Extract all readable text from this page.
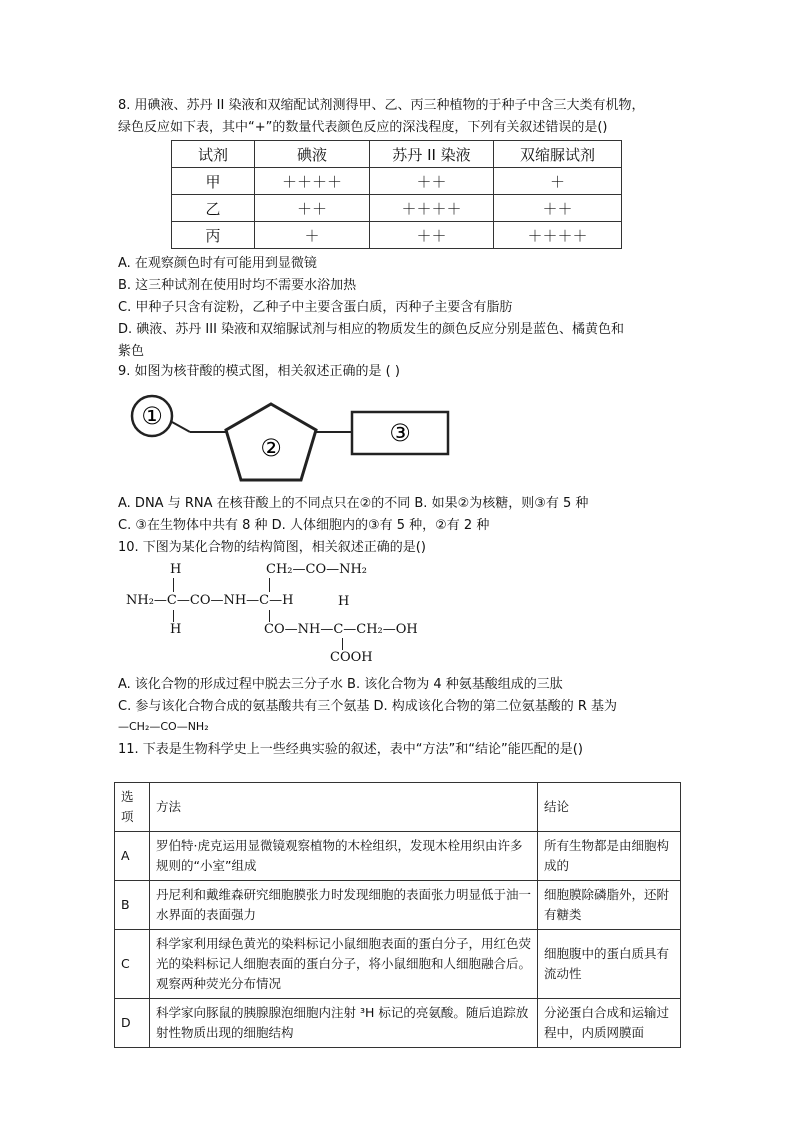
8. 用碘液、苏丹 II 染液和双缩配试剂测得甲、乙、丙三种植物的于种子中含三大类有机物，
绿色反应如下表，其中“+”的数量代表颜色反应的深浅程度，下列有关叙述错误的是()
试剂	碘液	苏丹 II 染液	双缩脲试剂
甲	＋＋＋＋	＋＋	＋
乙	＋＋	＋＋＋＋	＋＋
丙	＋	＋＋	＋＋＋＋
A. 在观察颜色时有可能用到显微镜
B. 这三种试剂在使用时均不需要水浴加热
C. 甲种子只含有淀粉，乙种子中主要含蛋白质，丙种子主要含有脂肪
D. 碘液、苏丹 III 染液和双缩脲试剂与相应的物质发生的颜色反应分别是蓝色、橘黄色和
紫色
9. 如图为核苷酸的模式图，相关叙述正确的是 ( )
①
②
③
A. DNA 与 RNA 在核苷酸上的不同点只在②的不同 B. 如果②为核糖，则③有 5 种
C. ③在生物体中共有 8 种 D. 人体细胞内的③有 5 种，②有 2 种
10. 下图为某化合物的结构简图，相关叙述正确的是()
H	CH₂—CO—NH₂
NH₂—C—CO—NH—C—H
H
H
CO—NH—C—CH₂—OH
COOH
A. 该化合物的形成过程中脱去三分子水 B. 该化合物为 4 种氨基酸组成的三肽
C. 参与该化合物合成的氨基酸共有三个氨基 D. 构成该化合物的第二位氨基酸的 R 基为
—CH₂—CO—NH₂
11. 下表是生物科学史上一些经典实验的叙述，表中“方法”和“结论”能匹配的是()
选项	方法	结论
A	罗伯特·虎克运用显微镜观察植物的木栓组织，发现木栓用织由许多规则的“小室”组成	所有生物都是由细胞构成的
B	丹尼利和戴维森研究细胞膜张力时发现细胞的表面张力明显低于油一水界面的表面强力	细胞膜除磷脂外，还附有糖类
C	科学家利用绿色黄光的染料标记小鼠细胞表面的蛋白分子，用红色荧光的染料标记人细胞表面的蛋白分子，将小鼠细胞和人细胞融合后。观察两种荧光分布情况	细胞腹中的蛋白质具有流动性
D	科学家向豚鼠的胰腺腺泡细胞内注射 ³H 标记的亮氨酸。随后追踪放射性物质出现的细胞结构	分泌蛋白合成和运输过程中，内质网膜面
